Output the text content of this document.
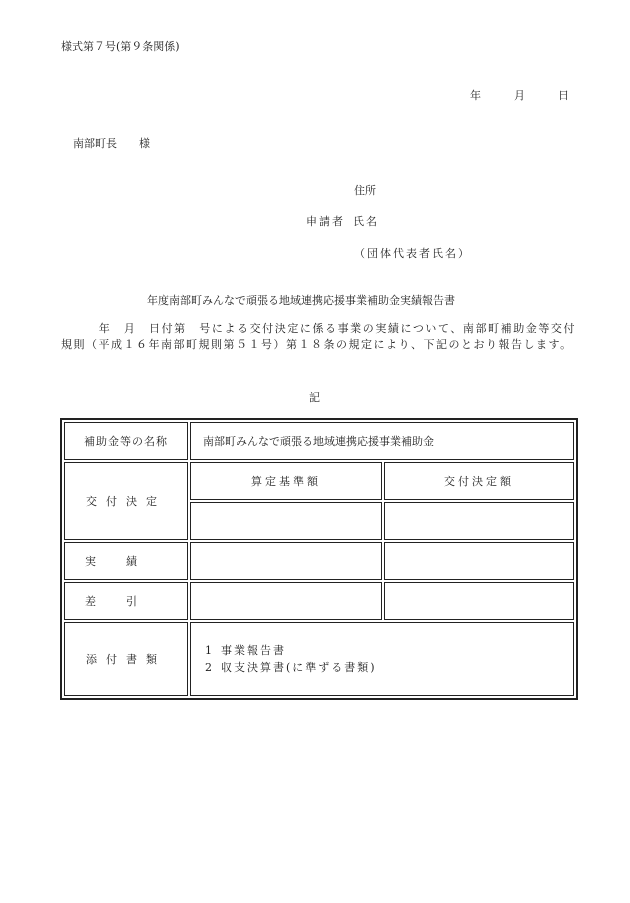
様式第７号(第９条関係)
年	月	日
南部町長 様
住所
申請者 氏名
（団体代表者氏名）
年度南部町みんなで頑張る地域連携応援事業補助金実績報告書
　　　年　月　日付第　号による交付決定に係る事業の実績について、南部町補助金等交付規則（平成１６年南部町規則第５１号）第１８条の規定により、下記のとおり報告します。
記
補助金等の名称	南部町みんなで頑張る地域連携応援事業補助金	
交付決定	算定基準額	交付決定額

実績		
差引		
添付書類	1 事業報告書
2 収支決算書(に準ずる書類)	
